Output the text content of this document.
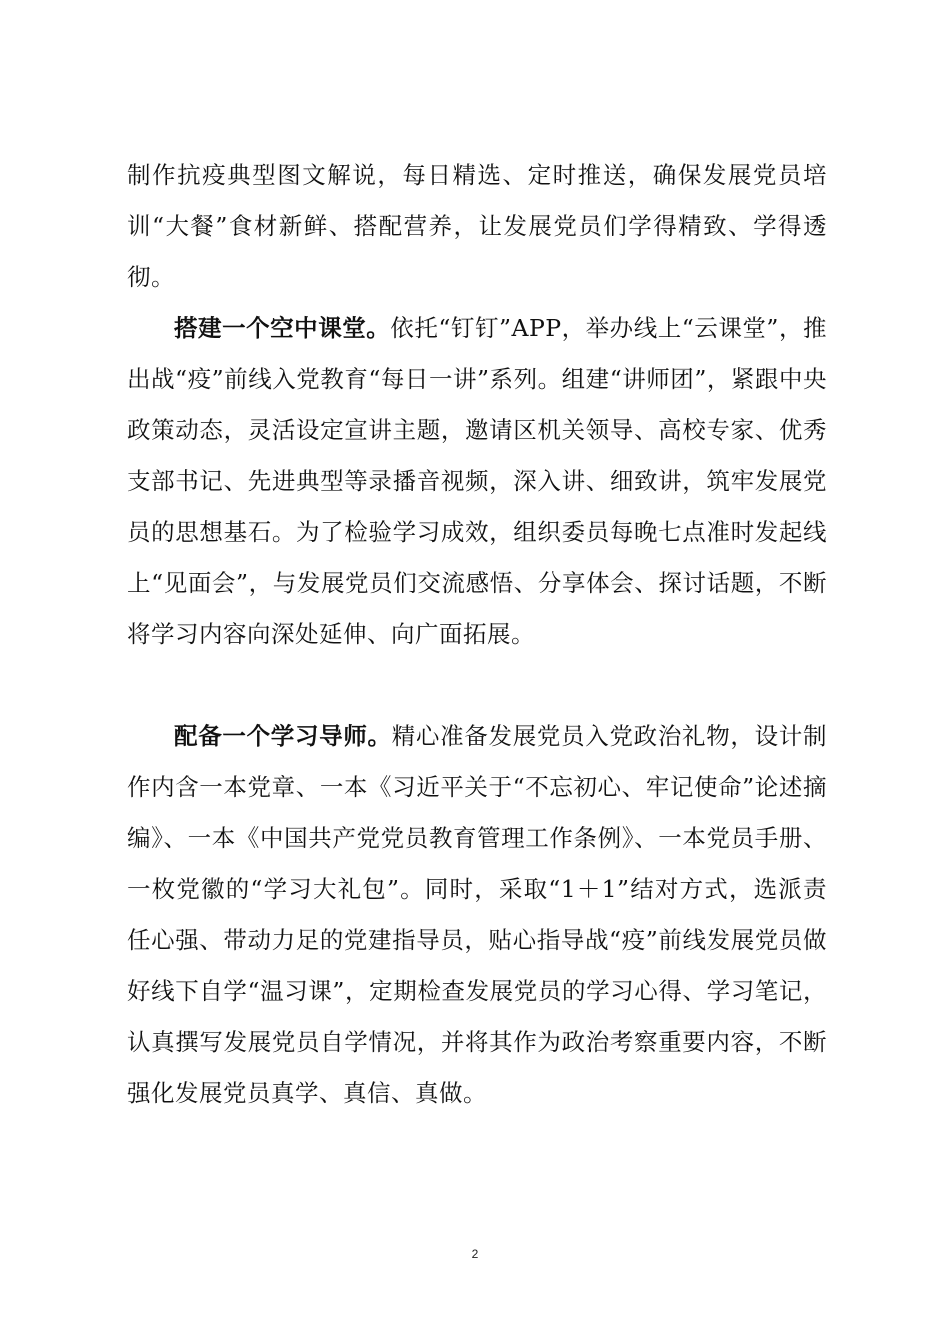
制作抗疫典型图文解说，每日精选、定时推送，确保发展党员培训“大餐”食材新鲜、搭配营养，让发展党员们学得精致、学得透彻。

搭建一个空中课堂。依托“钉钉”APP，举办线上“云课堂”，推出战“疫”前线入党教育“每日一讲”系列。组建“讲师团”，紧跟中央政策动态，灵活设定宣讲主题，邀请区机关领导、高校专家、优秀支部书记、先进典型等录播音视频，深入讲、细致讲，筑牢发展党员的思想基石。为了检验学习成效，组织委员每晚七点准时发起线上“见面会”，与发展党员们交流感悟、分享体会、探讨话题，不断将学习内容向深处延伸、向广面拓展。

配备一个学习导师。精心准备发展党员入党政治礼物，设计制作内含一本党章、一本《习近平关于“不忘初心、牢记使命”论述摘编》、一本《中国共产党党员教育管理工作条例》、一本党员手册、一枚党徽的“学习大礼包”。同时，采取“1＋1”结对方式，选派责任心强、带动力足的党建指导员，贴心指导战“疫”前线发展党员做好线下自学“温习课”，定期检查发展党员的学习心得、学习笔记，认真撰写发展党员自学情况，并将其作为政治考察重要内容，不断强化发展党员真学、真信、真做。

2
